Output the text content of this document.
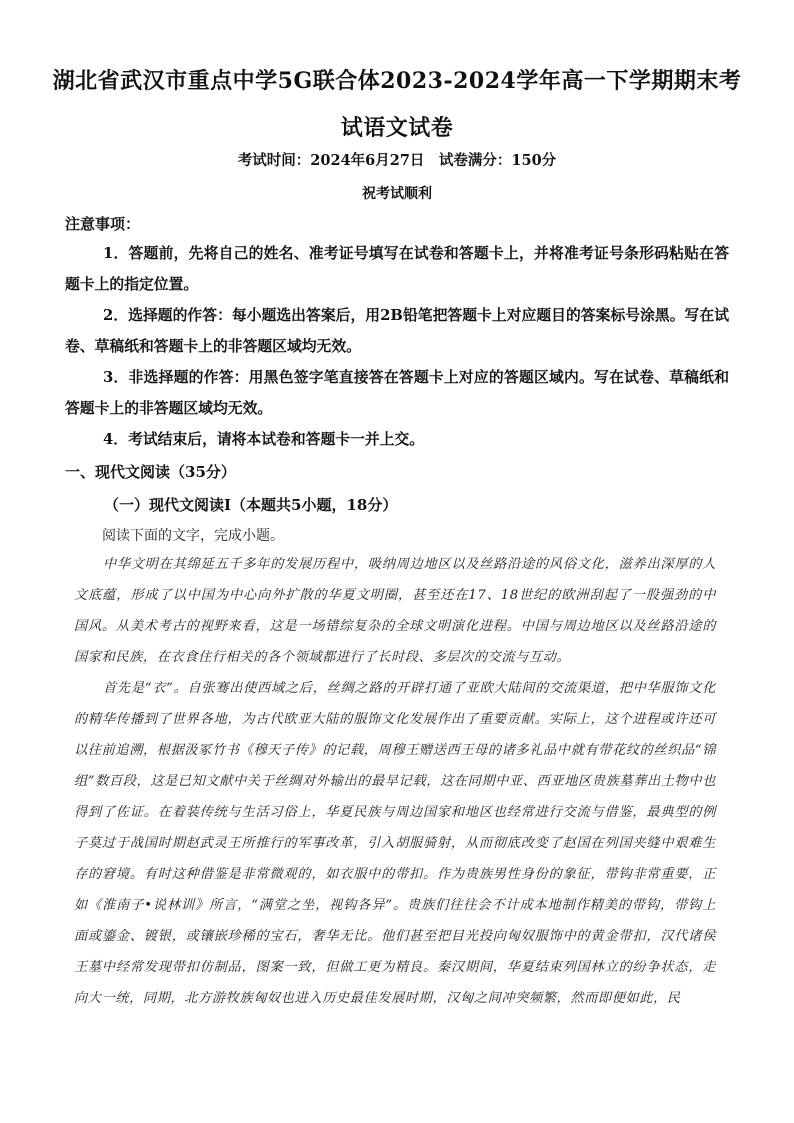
湖北省武汉市重点中学5G联合体2023-2024学年高一下学期期末考
试语文试卷
考试时间：2024年6月27日　试卷满分：150分
祝考试顺利
注意事项：
1．答题前，先将自己的姓名、准考证号填写在试卷和答题卡上，并将准考证号条形码粘贴在答题卡上的指定位置。
2．选择题的作答：每小题选出答案后，用2B铅笔把答题卡上对应题目的答案标号涂黑。写在试卷、草稿纸和答题卡上的非答题区域均无效。
3．非选择题的作答：用黑色签字笔直接答在答题卡上对应的答题区域内。写在试卷、草稿纸和答题卡上的非答题区域均无效。
4．考试结束后，请将本试卷和答题卡一并上交。
一、现代文阅读（35分）
（一）现代文阅读Ⅰ（本题共5小题，18分）
阅读下面的文字，完成小题。
中华文明在其绵延五千多年的发展历程中，吸纳周边地区以及丝路沿途的风俗文化，滋养出深厚的人文底蕴，形成了以中国为中心向外扩散的华夏文明圈，甚至还在17、18世纪的欧洲刮起了一股强劲的中国风。从美术考古的视野来看，这是一场错综复杂的全球文明演化进程。中国与周边地区以及丝路沿途的国家和民族，在衣食住行相关的各个领域都进行了长时段、多层次的交流与互动。
首先是“衣”。自张骞出使西域之后，丝绸之路的开辟打通了亚欧大陆间的交流渠道，把中华服饰文化的精华传播到了世界各地，为古代欧亚大陆的服饰文化发展作出了重要贡献。实际上，这个进程或许还可以往前追溯，根据汲冢竹书《穆天子传》的记载，周穆王赠送西王母的诸多礼品中就有带花纹的丝织品“锦组”数百段，这是已知文献中关于丝绸对外输出的最早记载，这在同期中亚、西亚地区贵族墓葬出土物中也得到了佐证。在着装传统与生活习俗上，华夏民族与周边国家和地区也经常进行交流与借鉴，最典型的例子莫过于战国时期赵武灵王所推行的军事改革，引入胡服骑射，从而彻底改变了赵国在列国夹缝中艰难生存的窘境。有时这种借鉴是非常微观的，如衣服中的带扣。作为贵族男性身份的象征，带钩非常重要，正如《淮南子•说林训》所言，“满堂之坐，视钩各异”。贵族们往往会不计成本地制作精美的带钩，带钩上面或鎏金、镀银，或镶嵌珍稀的宝石，奢华无比。他们甚至把目光投向匈奴服饰中的黄金带扣，汉代诸侯王墓中经常发现带扣仿制品，图案一致，但做工更为精良。秦汉期间，华夏结束列国林立的纷争状态，走向大一统，同期，北方游牧族匈奴也进入历史最佳发展时期，汉匈之间冲突频繁，然而即便如此，民
